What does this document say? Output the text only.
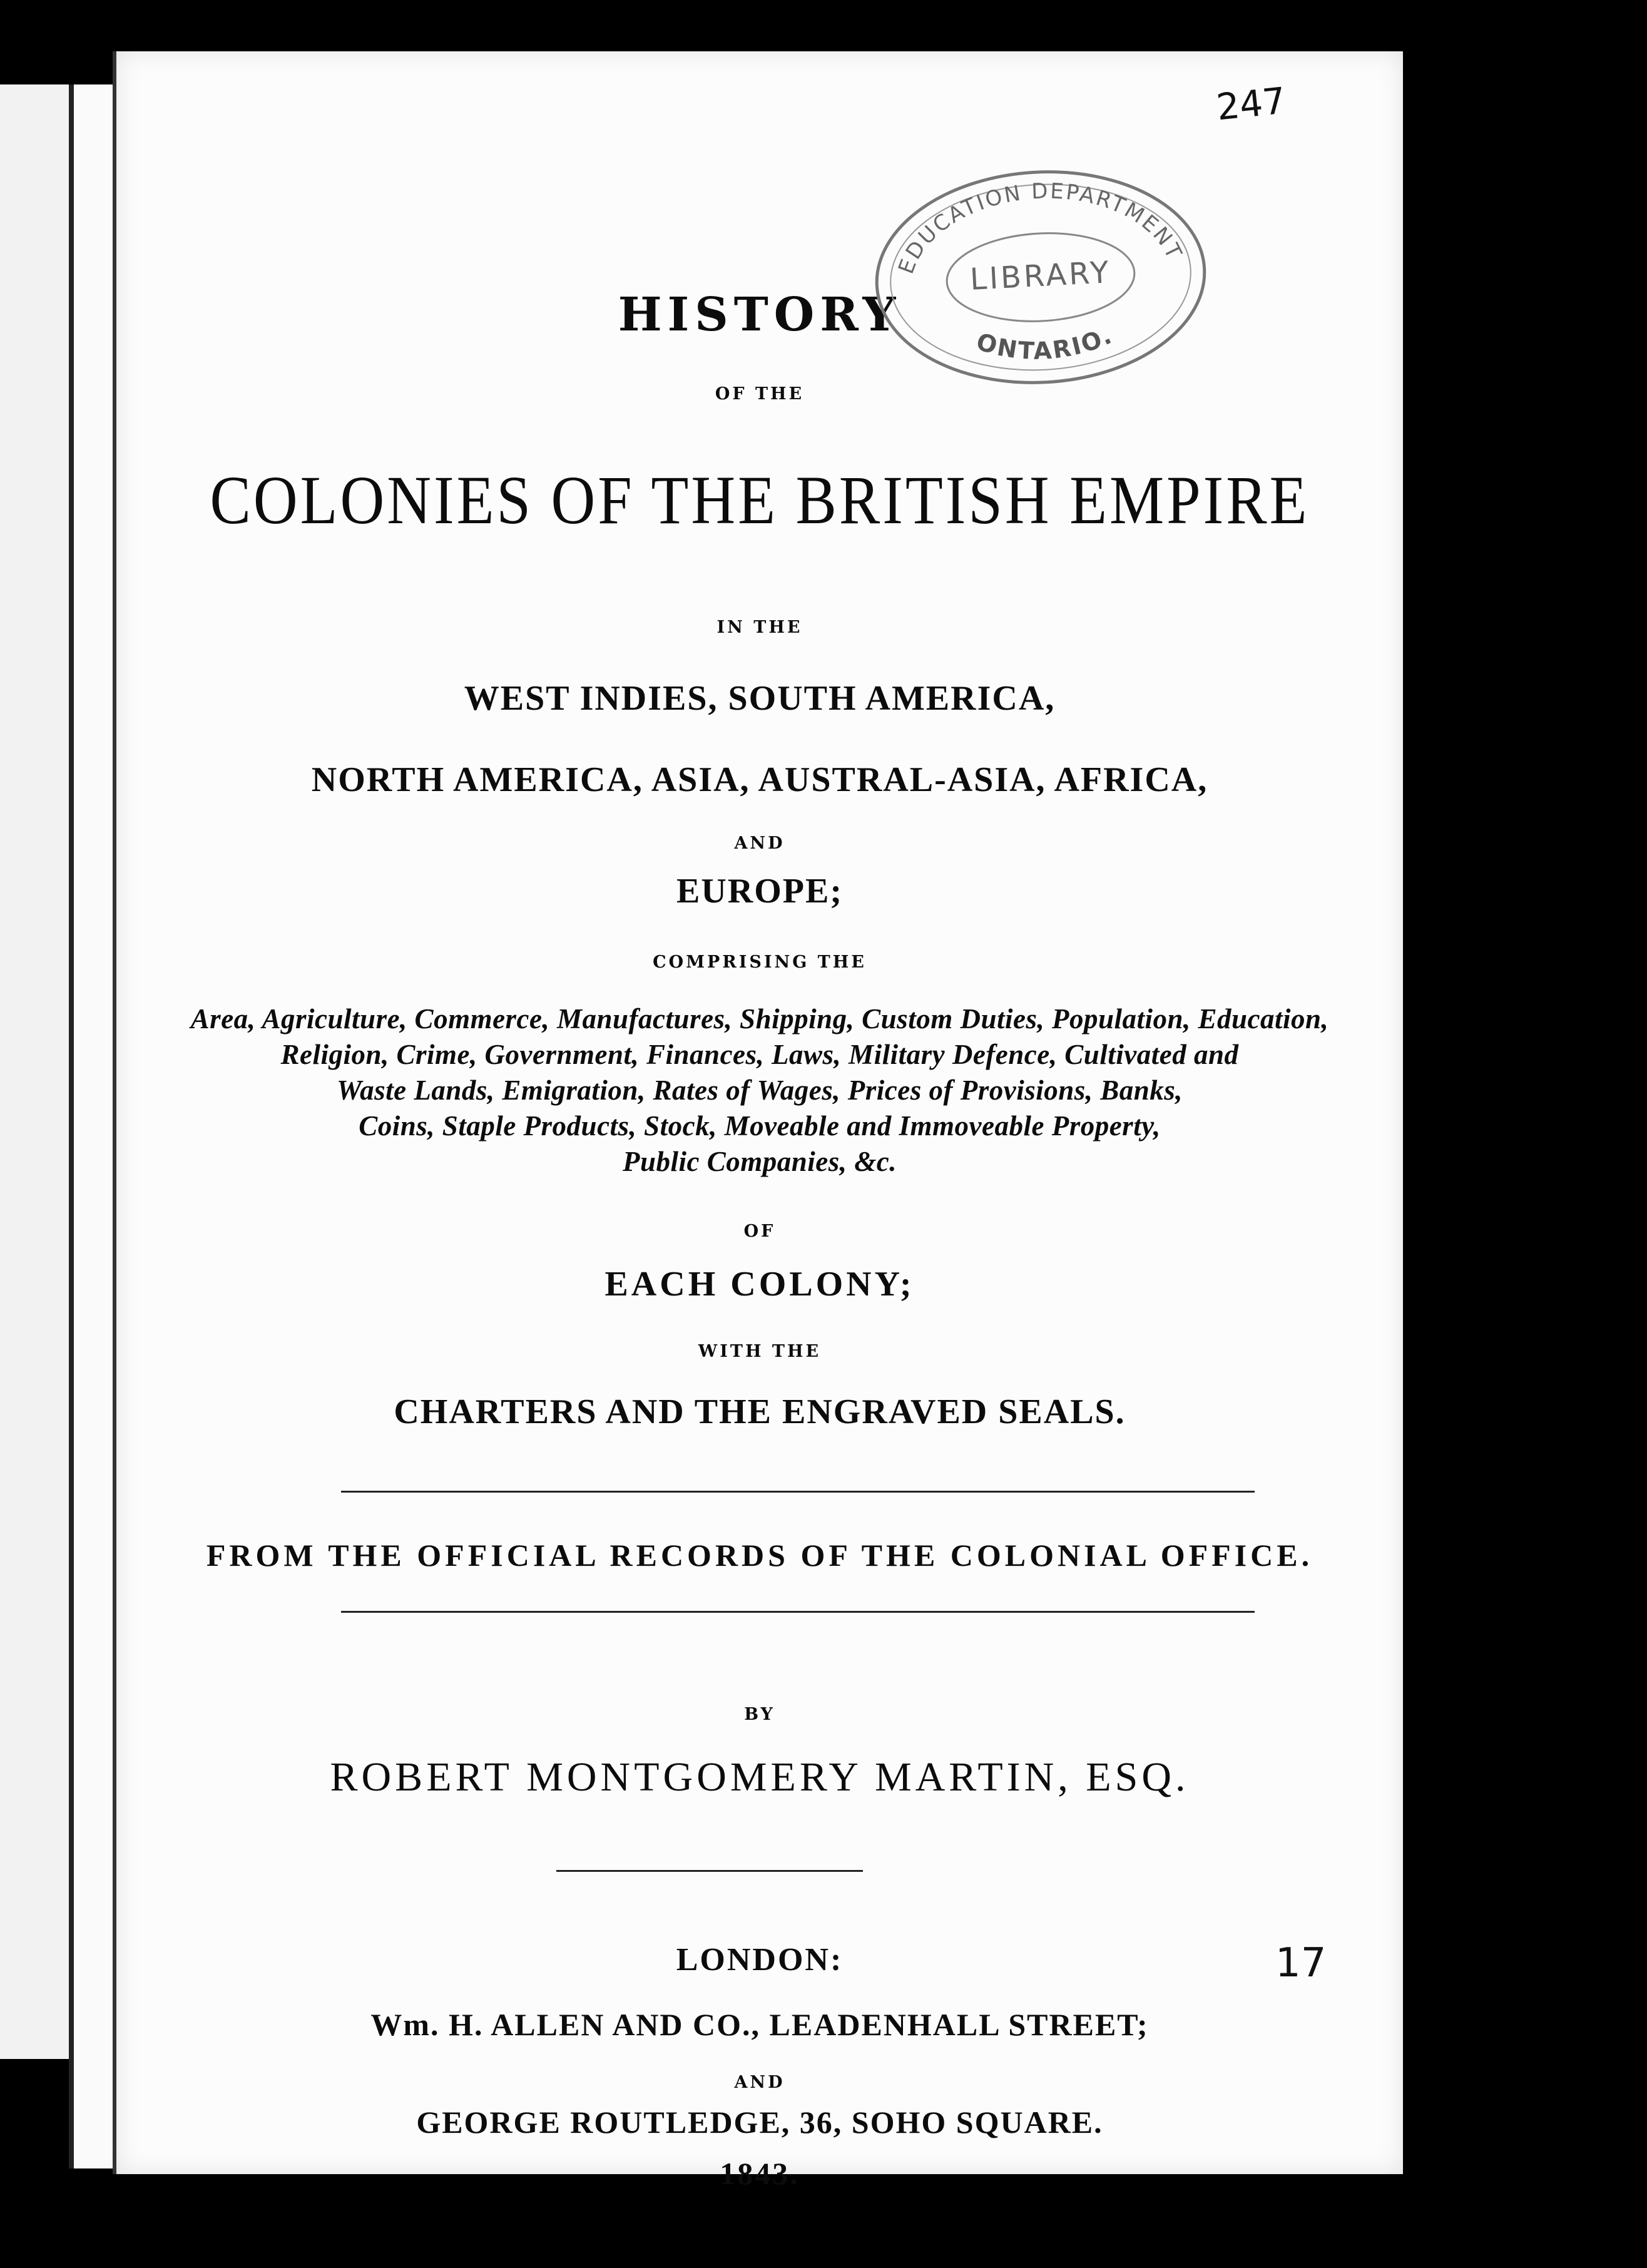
HISTORY
OF THE
COLONIES OF THE BRITISH EMPIRE
IN THE
WEST INDIES, SOUTH AMERICA,
NORTH AMERICA, ASIA, AUSTRAL-ASIA, AFRICA,
AND
EUROPE;
COMPRISING THE
Area, Agriculture, Commerce, Manufactures, Shipping, Custom Duties, Population, Education,
Religion, Crime, Government, Finances, Laws, Military Defence, Cultivated and
Waste Lands, Emigration, Rates of Wages, Prices of Provisions, Banks,
Coins, Staple Products, Stock, Moveable and Immoveable Property,
Public Companies, &c.
OF
EACH COLONY;
WITH THE
CHARTERS AND THE ENGRAVED SEALS.
FROM THE OFFICIAL RECORDS OF THE COLONIAL OFFICE.
BY
ROBERT MONTGOMERY MARTIN, ESQ.
LONDON:
Wm. H. ALLEN AND CO., LEADENHALL STREET;
AND
GEORGE ROUTLEDGE, 36, SOHO SQUARE.
1843.
EDUCATION DEPARTMENT
LIBRARY
ONTARIO.
247
17
